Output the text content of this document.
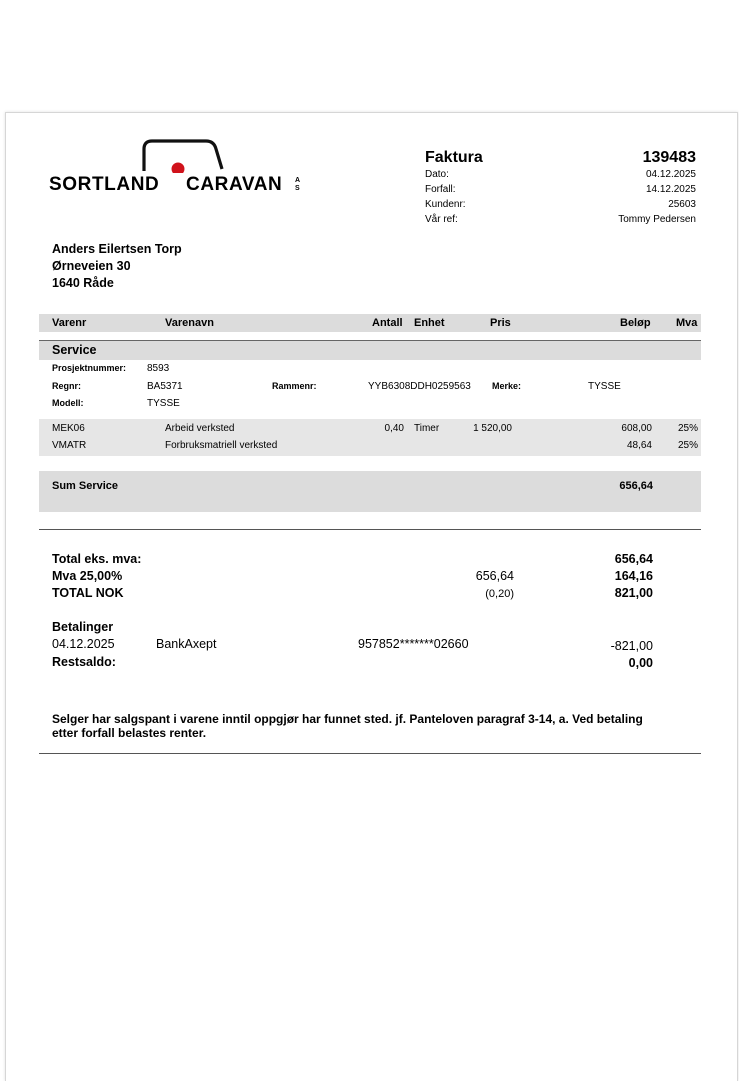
SORTLAND CARAVAN A
S
Faktura	139483
Dato:	04.12.2025
Forfall:	14.12.2025
Kundenr:	25603
Vår ref:	Tommy Pedersen
Anders Eilertsen Torp
Ørneveien 30
1640 Råde
Varenr	Varenavn	Antall Enhet	Pris	Beløp Mva
Service
Prosjektnummer: 8593
Regnr:	BA5371	Rammenr:	YYB6308DDH0259563 Merke:	TYSSE
Modell:	TYSSE
MEK06	Arbeid verksted	0,40 Timer	1 520,00	608,00	25%
VMATR	Forbruksmatriell verksted	48,64	25%
Sum Service	656,64
Total eks. mva:	656,64
Mva 25,00%	656,64	164,16
TOTAL NOK	(0,20)	821,00
Betalinger
04.12.2025	BankAxept	957852*******02660	-821,00
Restsaldo:	0,00
Selger har salgspant i varene inntil oppgjør har funnet sted. jf. Panteloven paragraf 3-14, a. Ved betaling
etter forfall belastes renter.
